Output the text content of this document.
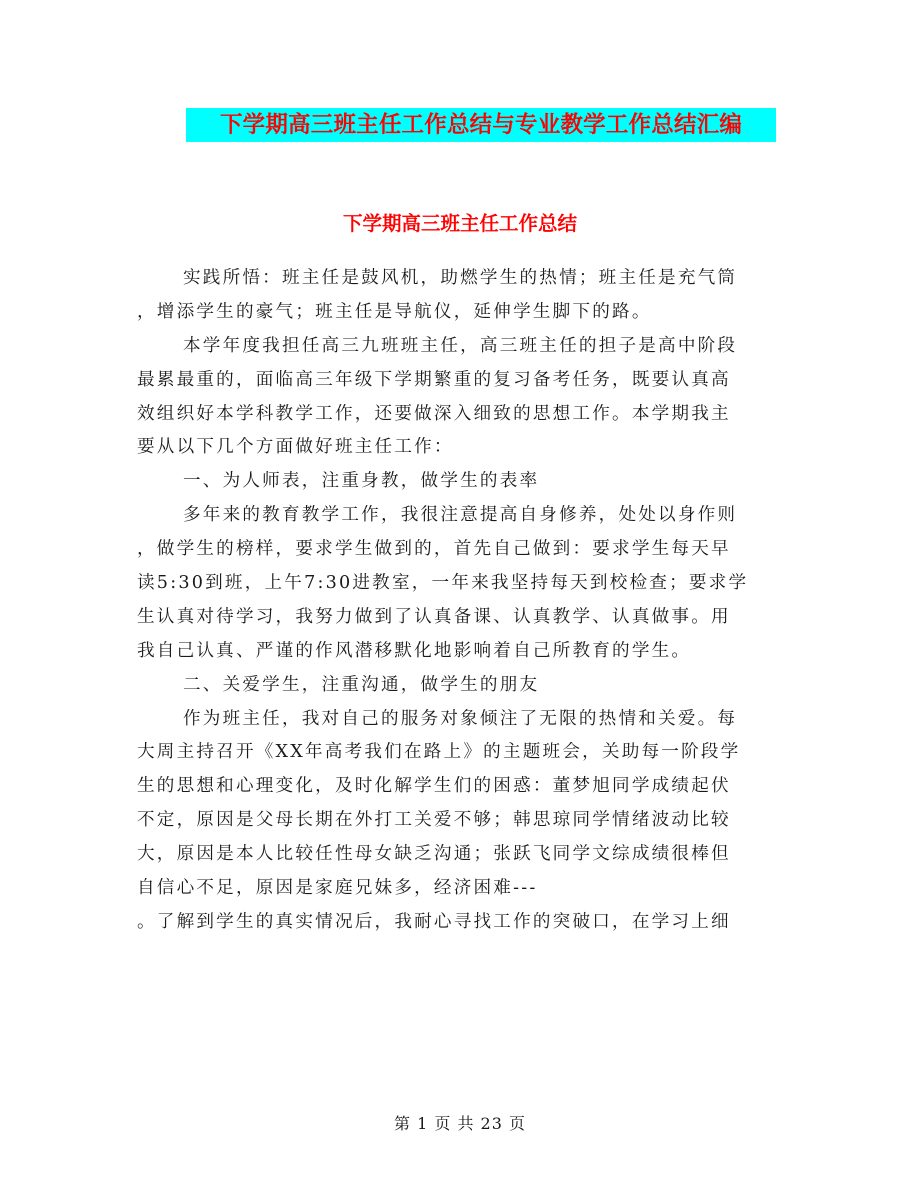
下学期高三班主任工作总结与专业教学工作总结汇编
下学期高三班主任工作总结
实践所悟：班主任是鼓风机，助燃学生的热情；班主任是充气筒
，增添学生的豪气；班主任是导航仪，延伸学生脚下的路。
本学年度我担任高三九班班主任，高三班主任的担子是高中阶段
最累最重的，面临高三年级下学期繁重的复习备考任务，既要认真高
效组织好本学科教学工作，还要做深入细致的思想工作。本学期我主
要从以下几个方面做好班主任工作：
一、为人师表，注重身教，做学生的表率
多年来的教育教学工作，我很注意提高自身修养，处处以身作则
，做学生的榜样，要求学生做到的，首先自己做到：要求学生每天早
读5:30到班，上午7:30进教室，一年来我坚持每天到校检查；要求学
生认真对待学习，我努力做到了认真备课、认真教学、认真做事。用
我自己认真、严谨的作风潜移默化地影响着自己所教育的学生。
二、关爱学生，注重沟通，做学生的朋友
作为班主任，我对自己的服务对象倾注了无限的热情和关爱。每
大周主持召开《XX年高考我们在路上》的主题班会，关助每一阶段学
生的思想和心理变化，及时化解学生们的困惑：董梦旭同学成绩起伏
不定，原因是父母长期在外打工关爱不够；韩思琼同学情绪波动比较
大，原因是本人比较任性母女缺乏沟通；张跃飞同学文综成绩很棒但
自信心不足，原因是家庭兄妹多，经济困难---
。了解到学生的真实情况后，我耐心寻找工作的突破口，在学习上细
第 1 页 共 23 页
